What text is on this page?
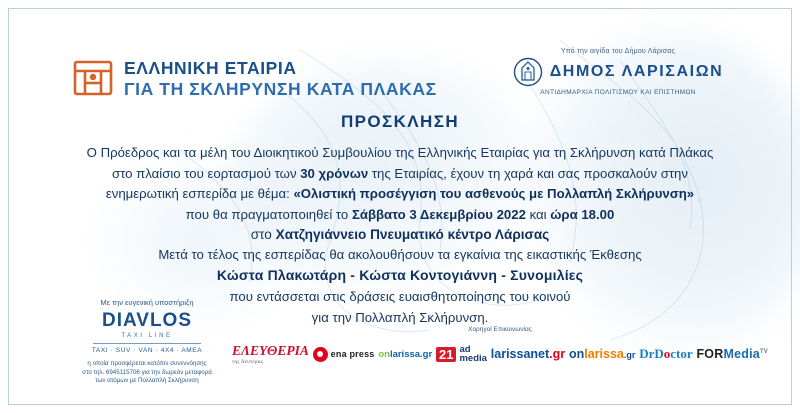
ΕΛΛΗΝΙΚΗ ΕΤΑΙΡΙΑ
ΓΙΑ ΤΗ ΣΚΛΗΡΥΝΣΗ ΚΑΤΑ ΠΛΑΚΑΣ
Υπό την αιγίδα του Δήμου Λάρισας
ΔΗΜΟΣ ΛΑΡΙΣΑΙΩΝ
ΑΝΤΙΔΗΜΑΡΧΙΑ ΠΟΛΙΤΙΣΜΟΥ ΚΑΙ ΕΠΙΣΤΗΜΩΝ
ΠΡΟΣΚΛΗΣΗ
Ο Πρόεδρος και τα μέλη του Διοικητικού Συμβουλίου της Ελληνικής Εταιρίας για τη Σκλήρυνση κατά Πλάκας
στο πλαίσιο του εορτασμού των 30 χρόνων της Εταιρίας, έχουν τη χαρά και σας προσκαλούν στην
ενημερωτική εσπερίδα με θέμα: «Ολιστική προσέγγιση του ασθενούς με Πολλαπλή Σκλήρυνση»
που θα πραγματοποιηθεί το Σάββατο 3 Δεκεμβρίου 2022 και ώρα 18.00
στο Χατζηγιάννειο Πνευματικό κέντρο Λάρισας
Μετά το τέλος της εσπερίδας θα ακολουθήσουν τα εγκαίνια της εικαστικής Έκθεσης
Κώστα Πλακωτάρη - Κώστα Κοντογιάννη - Συνομιλίες
που εντάσσεται στις δράσεις ευαισθητοποίησης του κοινού
για την Πολλαπλή Σκλήρυνση.
Με την ευγενική υποστήριξη
DIAVLOS
TAXI LINE
ΤΑΧΙ · SUV · VAN · 4Χ4 · ΑΜΕΑ
η οποία προσφέρεται κατόπιν συνεννόησης
στο τηλ. 6945115706 για την δωρεάν μεταφορά
των ατόμων με Πολλαπλή Σκλήρυνση
Χορηγοί Επικοινωνίας
ΕΛΕΥΘΕΡΙΑ
της Δευτέρας
ena press onlarissa.gr 21 ad
media larissanet.gr onlarissa.gr DrDoctor FORMedia$^{TV}$
